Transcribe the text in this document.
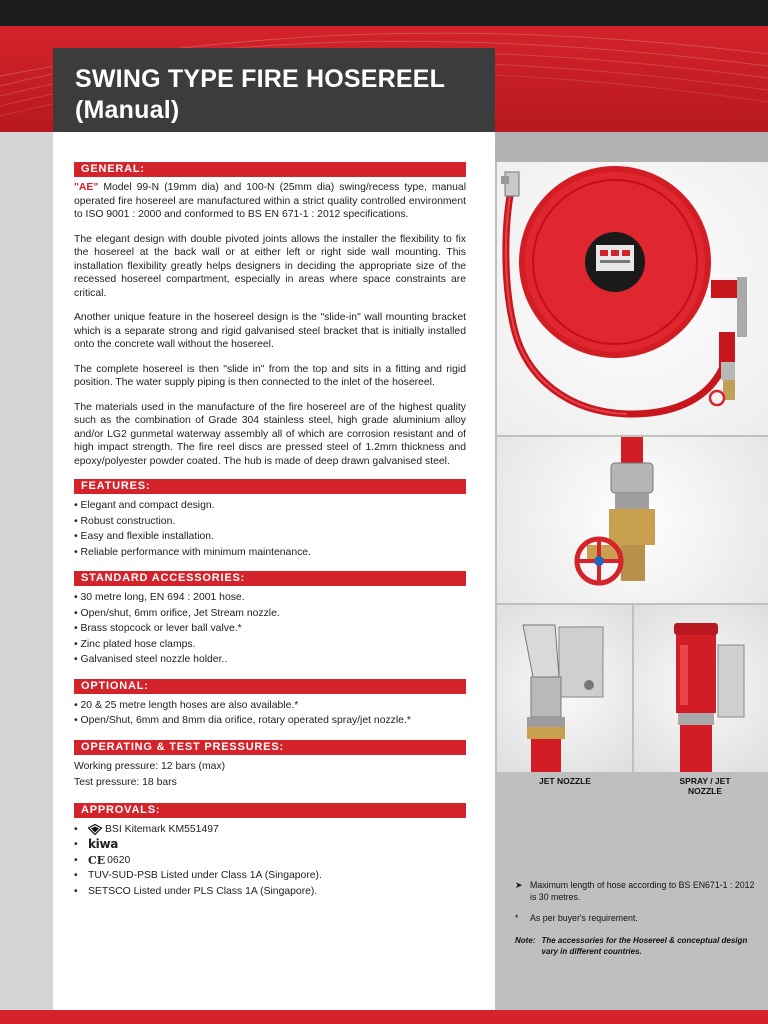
SWING TYPE FIRE HOSEREEL
(Manual)
GENERAL:

"AE" Model 99-N (19mm dia) and 100-N (25mm dia) swing/recess type, manual operated fire hosereel are manufactured within a strict quality controlled environment to ISO 9001 : 2000 and conformed to BS EN 671-1 : 2012 specifications.

The elegant design with double pivoted joints allows the installer the flexibility to fix the hosereel at the back wall or at either left or right side wall mounting. This installation flexibility greatly helps designers in deciding the appropriate size of the recessed hosereel compartment, especially in areas where space constraints are critical.

Another unique feature in the hosereel design is the "slide-in" wall mounting bracket which is a separate strong and rigid galvanised steel bracket that is initially installed onto the concrete wall without the hosereel.

The complete hosereel is then "slide in" from the top and sits in a fitting and rigid position. The water supply piping is then connected to the inlet of the hosereel.

The materials used in the manufacture of the fire hosereel are of the highest quality such as the combination of Grade 304 stainless steel, high grade aluminium alloy and/or LG2 gunmetal waterway assembly all of which are corrosion resistant and of high impact strength. The fire reel discs are pressed steel of 1.2mm thickness and epoxy/polyester powder coated. The hub is made of deep drawn galvanised steel.

FEATURES:
• Elegant and compact design.
• Robust construction.
• Easy and flexible installation.
• Reliable performance with minimum maintenance.
STANDARD ACCESSORIES:
• 30 metre long, EN 694 : 2001 hose.
• Open/shut, 6mm orifice, Jet Stream nozzle.
• Brass stopcock or lever ball valve.*
• Zinc plated hose clamps.
• Galvanised steel nozzle holder..
OPTIONAL:
• 20 & 25 metre length hoses are also available.*
• Open/Shut, 6mm and 8mm dia orifice, rotary operated spray/jet nozzle.*
OPERATING & TEST PRESSURES:
Working pressure: 12 bars (max)
Test pressure: 18 bars
APPROVALS:
• BSI Kitemark KM551497
• kiwa
• CE 0620
• TUV-SUD-PSB Listed under Class 1A (Singapore).
• SETSCO Listed under PLS Class 1A (Singapore).
JET NOZZLE	SPRAY / JET
NOZZLE
➤ Maximum length of hose according to BS EN671-1 : 2012 is 30 metres.
*	As per buyer's requirement.
Note: The accessories for the Hosereel & conceptual design vary in different countries.
